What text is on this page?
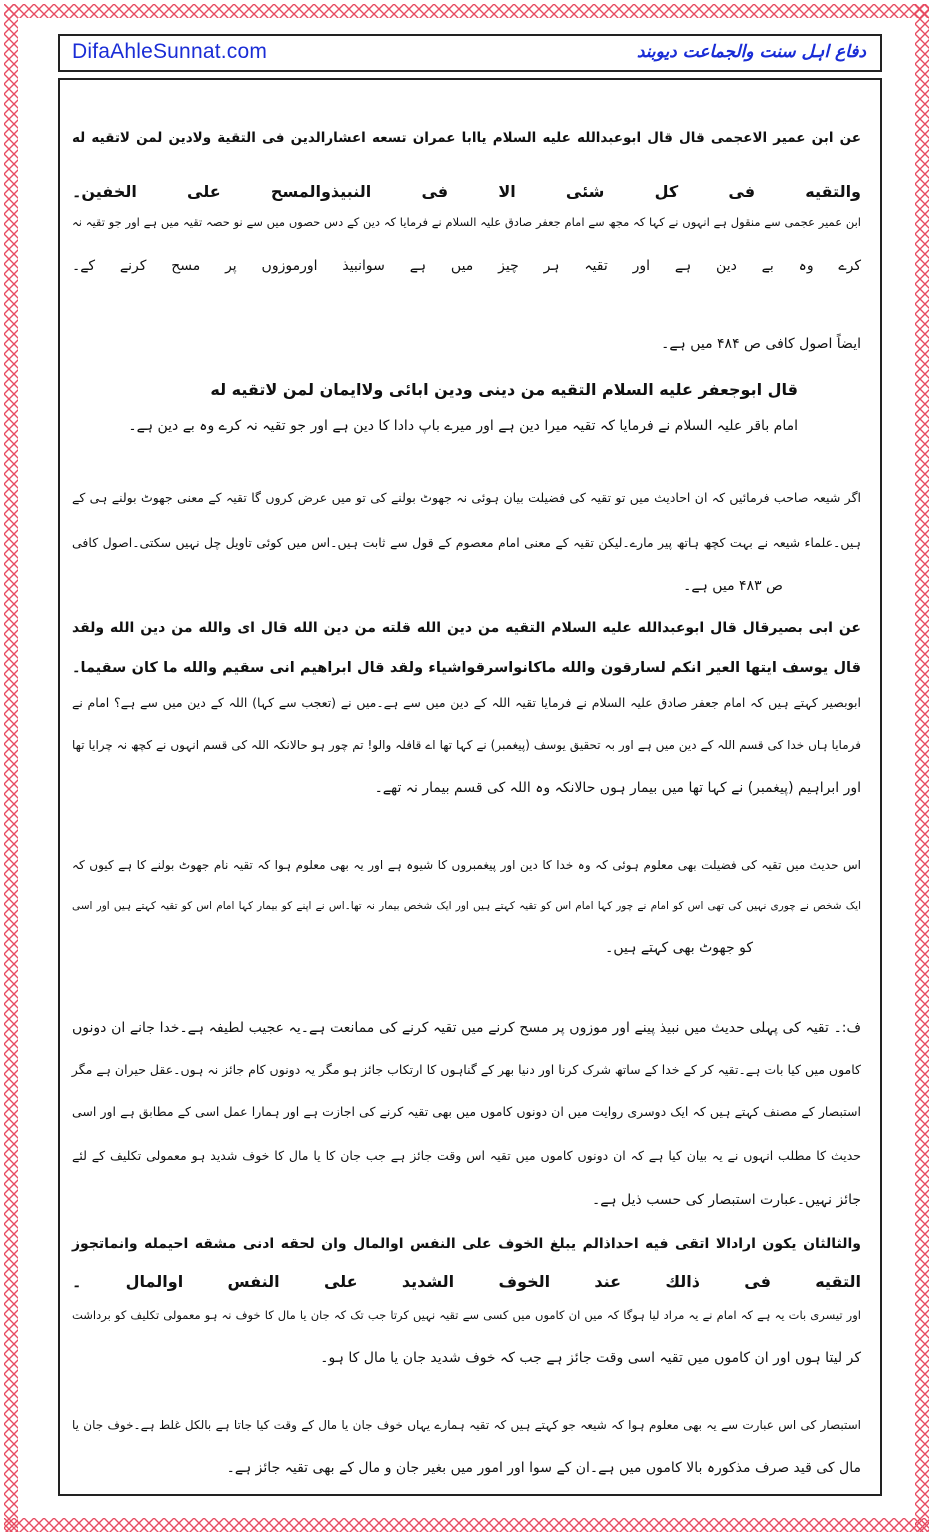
DifaAhleSunnat.com	دفاع اہل سنت والجماعت دیوبند
عن ابن عمير الاعجمى قال قال ابوعبدالله عليه السلام ياابا عمران تسعه اعشارالدين فى التقية ولادين لمن لاتقيه له
والتقيه فى كل شئى الا فى النبيذوالمسح على الخفين۔
ابن عمیر عجمی سے منقول ہے انہوں نے کہا کہ مجھ سے امام جعفر صادق علیہ السلام نے فرمایا کہ دین کے دس حصوں میں سے نو حصہ تقیہ میں ہے اور جو تقیہ نہ
کرے وہ بے دین ہے اور تقیہ ہر چیز میں ہے سوانبیذ اورموزوں پر مسح کرنے کے۔
ایضاً اصول کافی ص ۴۸۴ میں ہے۔
قال ابوجعفر عليه السلام التقيه من دينى ودين ابائى ولاايمان لمن لاتقيه له
امام باقر علیہ السلام نے فرمایا کہ تقیہ میرا دین ہے اور میرے باپ دادا کا دین ہے اور جو تقیہ نہ کرے وہ بے دین ہے۔
اگر شیعہ صاحب فرمائیں کہ ان احادیث میں تو تقیہ کی فضیلت بیان ہوئی نہ جھوٹ بولنے کی تو میں عرض کروں گا تقیہ کے معنی جھوٹ بولنے ہی کے
ہیں۔علماء شیعہ نے بہت کچھ ہاتھ پیر مارے۔لیکن تقیہ کے معنی امام معصوم کے قول سے ثابت ہیں۔اس میں کوئی تاویل چل نہیں سکتی۔اصول کافی
ص ۴۸۳ میں ہے۔
عن ابى بصيرقال قال ابوعبدالله عليه السلام التقيه من دين الله قلته من دين الله قال اى والله من دين الله ولقد
قال يوسف ايتها العير انكم لسارقون والله ماكانواسرقواشياء ولقد قال ابراهيم انى سقيم والله ما كان سقيما۔
ابوبصیر کہتے ہیں کہ امام جعفر صادق علیہ السلام نے فرمایا تقیہ اللہ کے دین میں سے ہے۔میں نے (تعجب سے کہا) اللہ کے دین میں سے ہے؟ امام نے
فرمایا ہاں خدا کی قسم اللہ کے دین میں ہے اور بہ تحقیق یوسف (پیغمبر) نے کہا تھا اے قافلہ والو! تم چور ہو حالانکہ اللہ کی قسم انہوں نے کچھ نہ چرایا تھا
اور ابراہیم (پیغمبر) نے کہا تھا میں بیمار ہوں حالانکہ وہ اللہ کی قسم بیمار نہ تھے۔
اس حدیث میں تقیہ کی فضیلت بھی معلوم ہوئی کہ وہ خدا کا دین اور پیغمبروں کا شیوہ ہے اور یہ بھی معلوم ہوا کہ تقیہ نام جھوٹ بولنے کا ہے کیوں کہ
ایک شخص نے چوری نہیں کی تھی اس کو امام نے چور کہا امام اس کو تقیہ کہتے ہیں اور ایک شخص بیمار نہ تھا۔اس نے اپنے کو بیمار کہا امام اس کو تقیہ کہتے ہیں اور اسی
کو جھوٹ بھی کہتے ہیں۔
ف:۔ تقیہ کی پہلی حدیث میں نبیذ پینے اور موزوں پر مسح کرنے میں تقیہ کرنے کی ممانعت ہے۔یہ عجیب لطیفہ ہے۔خدا جانے ان دونوں
کاموں میں کیا بات ہے۔تقیہ کر کے خدا کے ساتھ شرک کرنا اور دنیا بھر کے گناہوں کا ارتکاب جائز ہو مگر یہ دونوں کام جائز نہ ہوں۔عقل حیران ہے مگر
استبصار کے مصنف کہتے ہیں کہ ایک دوسری روایت میں ان دونوں کاموں میں بھی تقیہ کرنے کی اجازت ہے اور ہمارا عمل اسی کے مطابق ہے اور اسی
حدیث کا مطلب انہوں نے یہ بیان کیا ہے کہ ان دونوں کاموں میں تقیہ اس وقت جائز ہے جب جان کا یا مال کا خوف شدید ہو معمولی تکلیف کے لئے
جائز نہیں۔عبارت استبصار کی حسب ذیل ہے۔
والثالثان يكون ارادالا اتقى فيه احداذالم يبلغ الخوف على النفس اوالمال وان لحقه ادنى مشقه احيمله وانماتجوز
التقيه فى ذالك عند الخوف الشديد على النفس اوالمال ۔
اور تیسری بات یہ ہے کہ امام نے یہ مراد لیا ہوگا کہ میں ان کاموں میں کسی سے تقیہ نہیں کرتا جب تک کہ جان یا مال کا خوف نہ ہو معمولی تکلیف کو برداشت
کر لیتا ہوں اور ان کاموں میں تقیہ اسی وقت جائز ہے جب کہ خوف شدید جان یا مال کا ہو۔
استبصار کی اس عبارت سے یہ بھی معلوم ہوا کہ شیعہ جو کہتے ہیں کہ تقیہ ہمارے یہاں خوف جان یا مال کے وقت کیا جاتا ہے بالکل غلط ہے۔خوف جان یا
مال کی قید صرف مذکورہ بالا کاموں میں ہے۔ان کے سوا اور امور میں بغیر جان و مال کے بھی تقیہ جائز ہے۔
